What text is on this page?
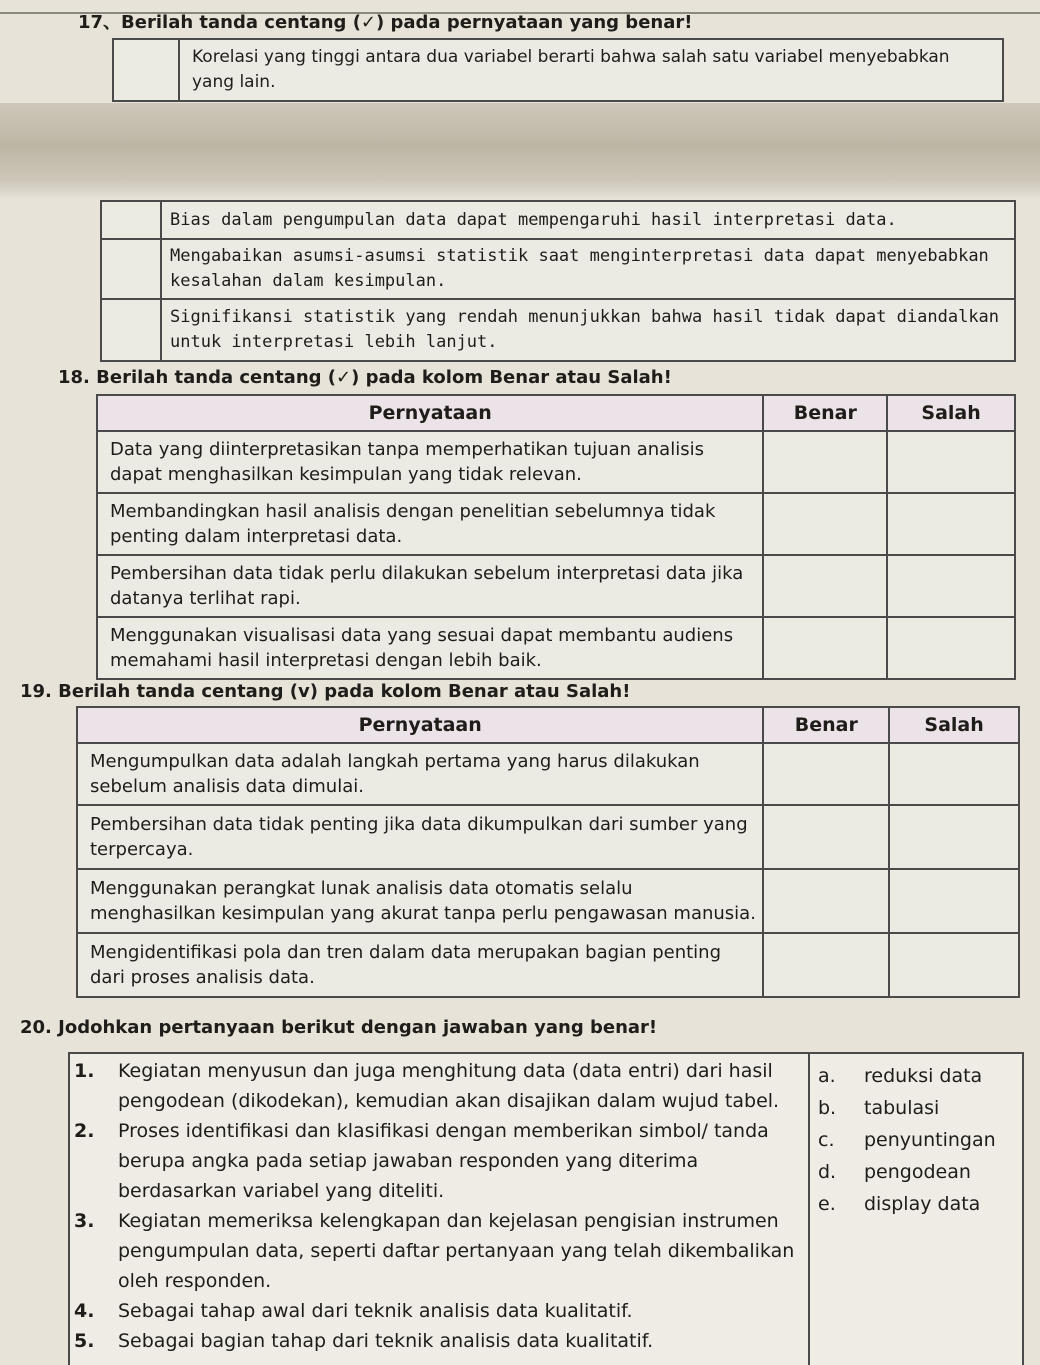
17、Berilah tanda centang (✓) pada pernyataan yang benar!
	Korelasi yang tinggi antara dua variabel berarti bahwa salah satu variabel menyebabkan yang lain.
	Bias dalam pengumpulan data dapat mempengaruhi hasil interpretasi data.
	Mengabaikan asumsi-asumsi statistik saat menginterpretasi data dapat menyebabkan kesalahan dalam kesimpulan.
	Signifikansi statistik yang rendah menunjukkan bahwa hasil tidak dapat diandalkan untuk interpretasi lebih lanjut.
18. Berilah tanda centang (✓) pada kolom Benar atau Salah!
Pernyataan	Benar	Salah
Data yang diinterpretasikan tanpa memperhatikan tujuan analisis dapat menghasilkan kesimpulan yang tidak relevan.		
Membandingkan hasil analisis dengan penelitian sebelumnya tidak penting dalam interpretasi data.		
Pembersihan data tidak perlu dilakukan sebelum interpretasi data jika datanya terlihat rapi.		
Menggunakan visualisasi data yang sesuai dapat membantu audiens memahami hasil interpretasi dengan lebih baik.		
19. Berilah tanda centang (v) pada kolom Benar atau Salah!
Pernyataan	Benar	Salah
Mengumpulkan data adalah langkah pertama yang harus dilakukan sebelum analisis data dimulai.		
Pembersihan data tidak penting jika data dikumpulkan dari sumber yang terpercaya.		
Menggunakan perangkat lunak analisis data otomatis selalu menghasilkan kesimpulan yang akurat tanpa perlu pengawasan manusia.		
Mengidentifikasi pola dan tren dalam data merupakan bagian penting dari proses analisis data.		
20. Jodohkan pertanyaan berikut dengan jawaban yang benar!
1.	Kegiatan menyusun dan juga menghitung data (data entri) dari hasil pengodean (dikodekan), kemudian akan disajikan dalam wujud tabel.
2.	Proses identifikasi dan klasifikasi dengan memberikan simbol/ tanda berupa angka pada setiap jawaban responden yang diterima berdasarkan variabel yang diteliti.
3.	Kegiatan memeriksa kelengkapan dan kejelasan pengisian instrumen pengumpulan data, seperti daftar pertanyaan yang telah dikembalikan oleh responden.
4.	Sebagai tahap awal dari teknik analisis data kualitatif.
5.	Sebagai bagian tahap dari teknik analisis data kualitatif.
a.	reduksi data
b.	tabulasi
c.	penyuntingan
d.	pengodean
e.	display data
